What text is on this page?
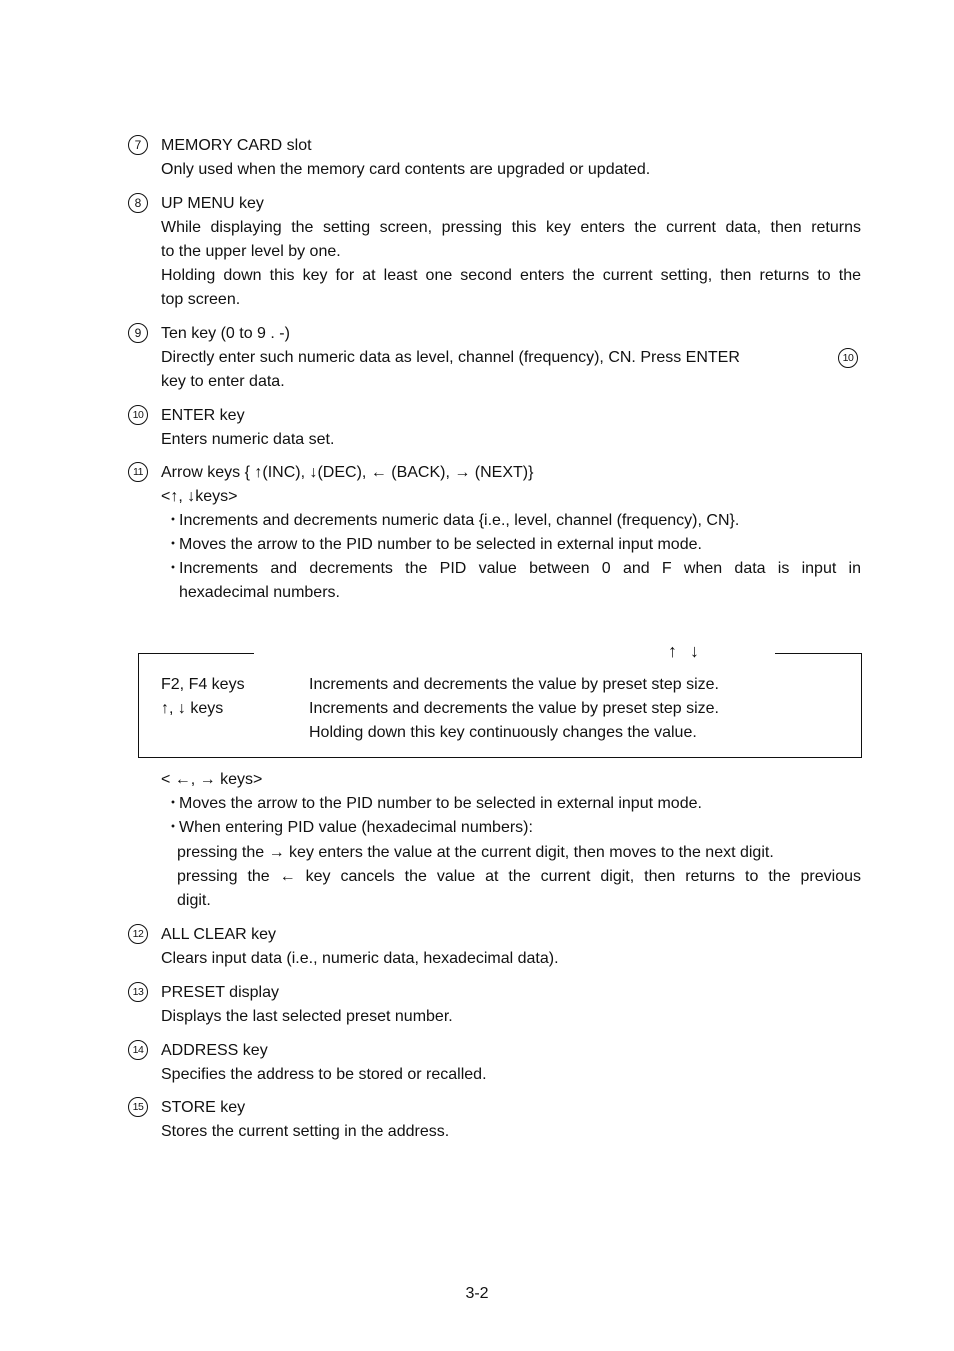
7	MEMORY CARD slot
Only used when the memory card contents are upgraded or updated.
8	UP MENU key
While displaying the setting screen, pressing this key enters the current data, then returns
to the upper level by one.
Holding down this key for at least one second enters the current setting, then returns to the
top screen.
9	Ten key (0 to 9 . -)
Directly enter such numeric data as level, channel (frequency), CN. Press ENTER	10
key to enter data.
10 ENTER key
Enters numeric data set.
11	Arrow keys { ↑(INC), ↓(DEC), ← (BACK), → (NEXT)}
<↑, ↓keys>
・
Increments and decrements numeric data {i.e., level, channel (frequency), CN}.
・
Moves the arrow to the PID number to be selected in external input mode.
・
Increments and decrements the PID value between 0 and F when data is input in
hexadecimal numbers.
↑ ↓
F2, F4 keys	Increments and decrements the value by preset step size.
↑, ↓ keys	Increments and decrements the value by preset step size.
Holding down this key continuously changes the value.
< ←, → keys>
・
Moves the arrow to the PID number to be selected in external input mode.
・
When entering PID value (hexadecimal numbers):
pressing the → key enters the value at the current digit, then moves to the next digit.
pressing the ← key cancels the value at the current digit, then returns to the previous
digit.
12 ALL CLEAR key
Clears input data (i.e., numeric data, hexadecimal data).
13 PRESET display
Displays the last selected preset number.
14 ADDRESS key
Specifies the address to be stored or recalled.
15 STORE key
Stores the current setting in the address.
3-2
